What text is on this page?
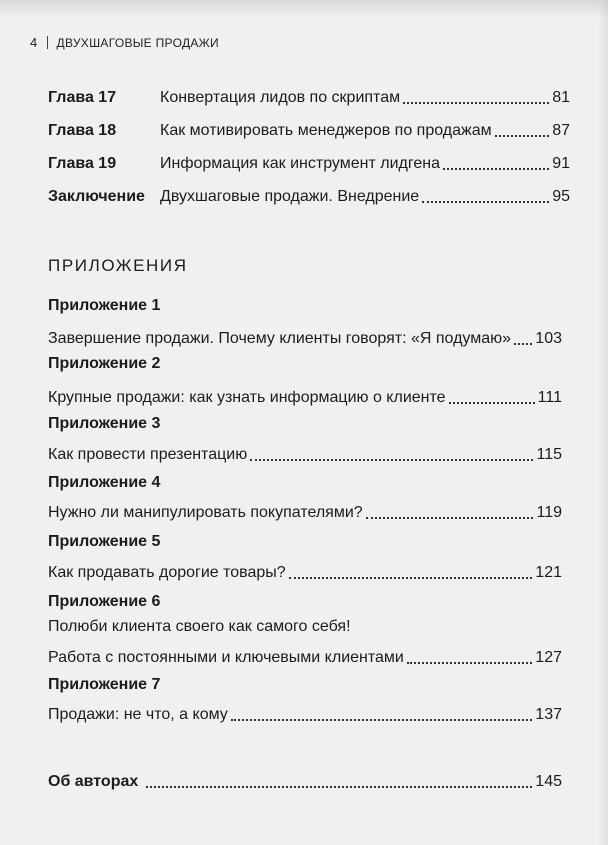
4 ДВУХШАГОВЫЕ ПРОДАЖИ
Глава 17	Конвертация лидов по скриптам	81
Глава 18	Как мотивировать менеджеров по продажам	87
Глава 19	Информация как инструмент лидгена	91
Заключение Двухшаговые продажи. Внедрение	95
ПРИЛОЖЕНИЯ
Приложение 1
Завершение продажи. Почему клиенты говорят: «Я подумаю» 103
Приложение 2
Крупные продажи: как узнать информацию о клиенте	111
Приложение 3
Как провести презентацию	115
Приложение 4
Нужно ли манипулировать покупателями?	119
Приложение 5
Как продавать дорогие товары?	121
Приложение 6
Полюби клиента своего как самого себя!
Работа с постоянными и ключевыми клиентами	127
Приложение 7
Продажи: не что, а кому	137
Об авторах	145
